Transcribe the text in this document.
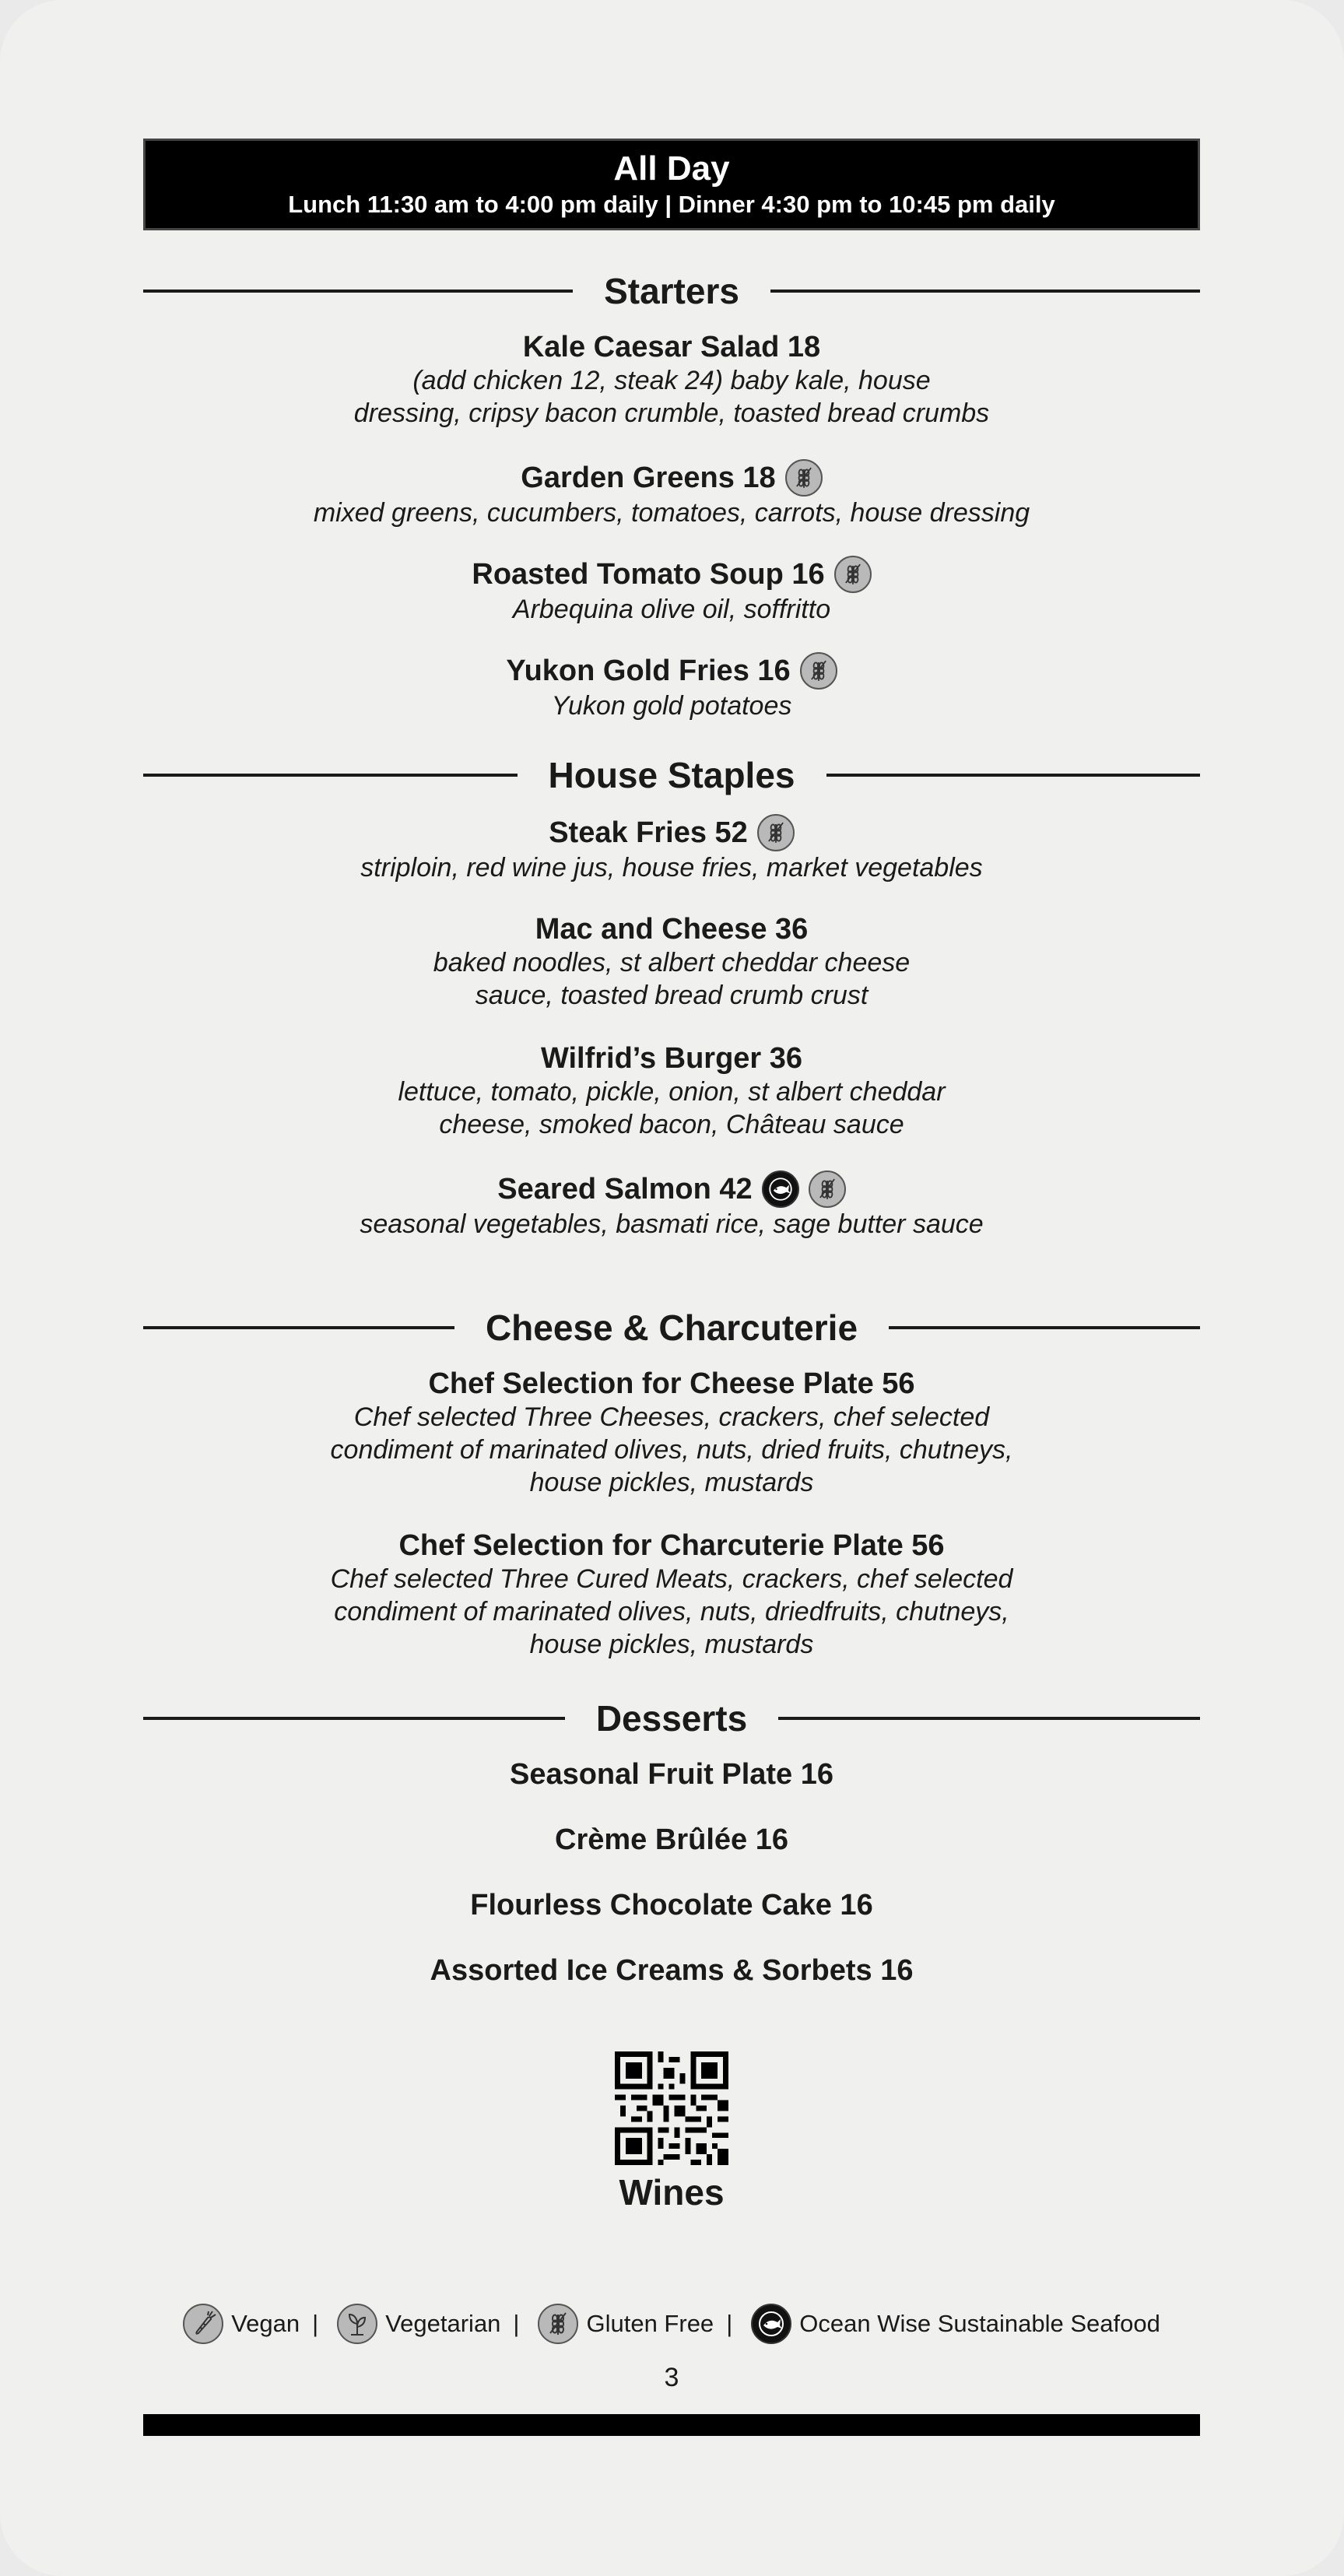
All Day
Lunch 11:30 am to 4:00 pm daily | Dinner 4:30 pm to 10:45 pm daily
Starters
Kale Caesar Salad 18
(add chicken 12, steak 24) baby kale, house
dressing, cripsy bacon crumble, toasted bread crumbs
Garden Greens 18
mixed greens, cucumbers, tomatoes, carrots, house dressing
Roasted Tomato Soup 16
Arbequina olive oil, soffritto
Yukon Gold Fries 16
Yukon gold potatoes
House Staples
Steak Fries 52
striploin, red wine jus, house fries, market vegetables
Mac and Cheese 36
baked noodles, st albert cheddar cheese
sauce, toasted bread crumb crust
Wilfrid’s Burger 36
lettuce, tomato, pickle, onion, st albert cheddar
cheese, smoked bacon, Château sauce
Seared Salmon 42
seasonal vegetables, basmati rice, sage butter sauce
Cheese & Charcuterie
Chef Selection for Cheese Plate 56
Chef selected Three Cheeses, crackers, chef selected
condiment of marinated olives, nuts, dried fruits, chutneys,
house pickles, mustards
Chef Selection for Charcuterie Plate 56
Chef selected Three Cured Meats, crackers, chef selected
condiment of marinated olives, nuts, driedfruits, chutneys,
house pickles, mustards
Desserts
Seasonal Fruit Plate 16
Crème Brûlée 16
Flourless Chocolate Cake 16
Assorted Ice Creams & Sorbets 16
Wines
Vegan |	Vegetarian |	Gluten Free |	Ocean Wise Sustainable Seafood
3
